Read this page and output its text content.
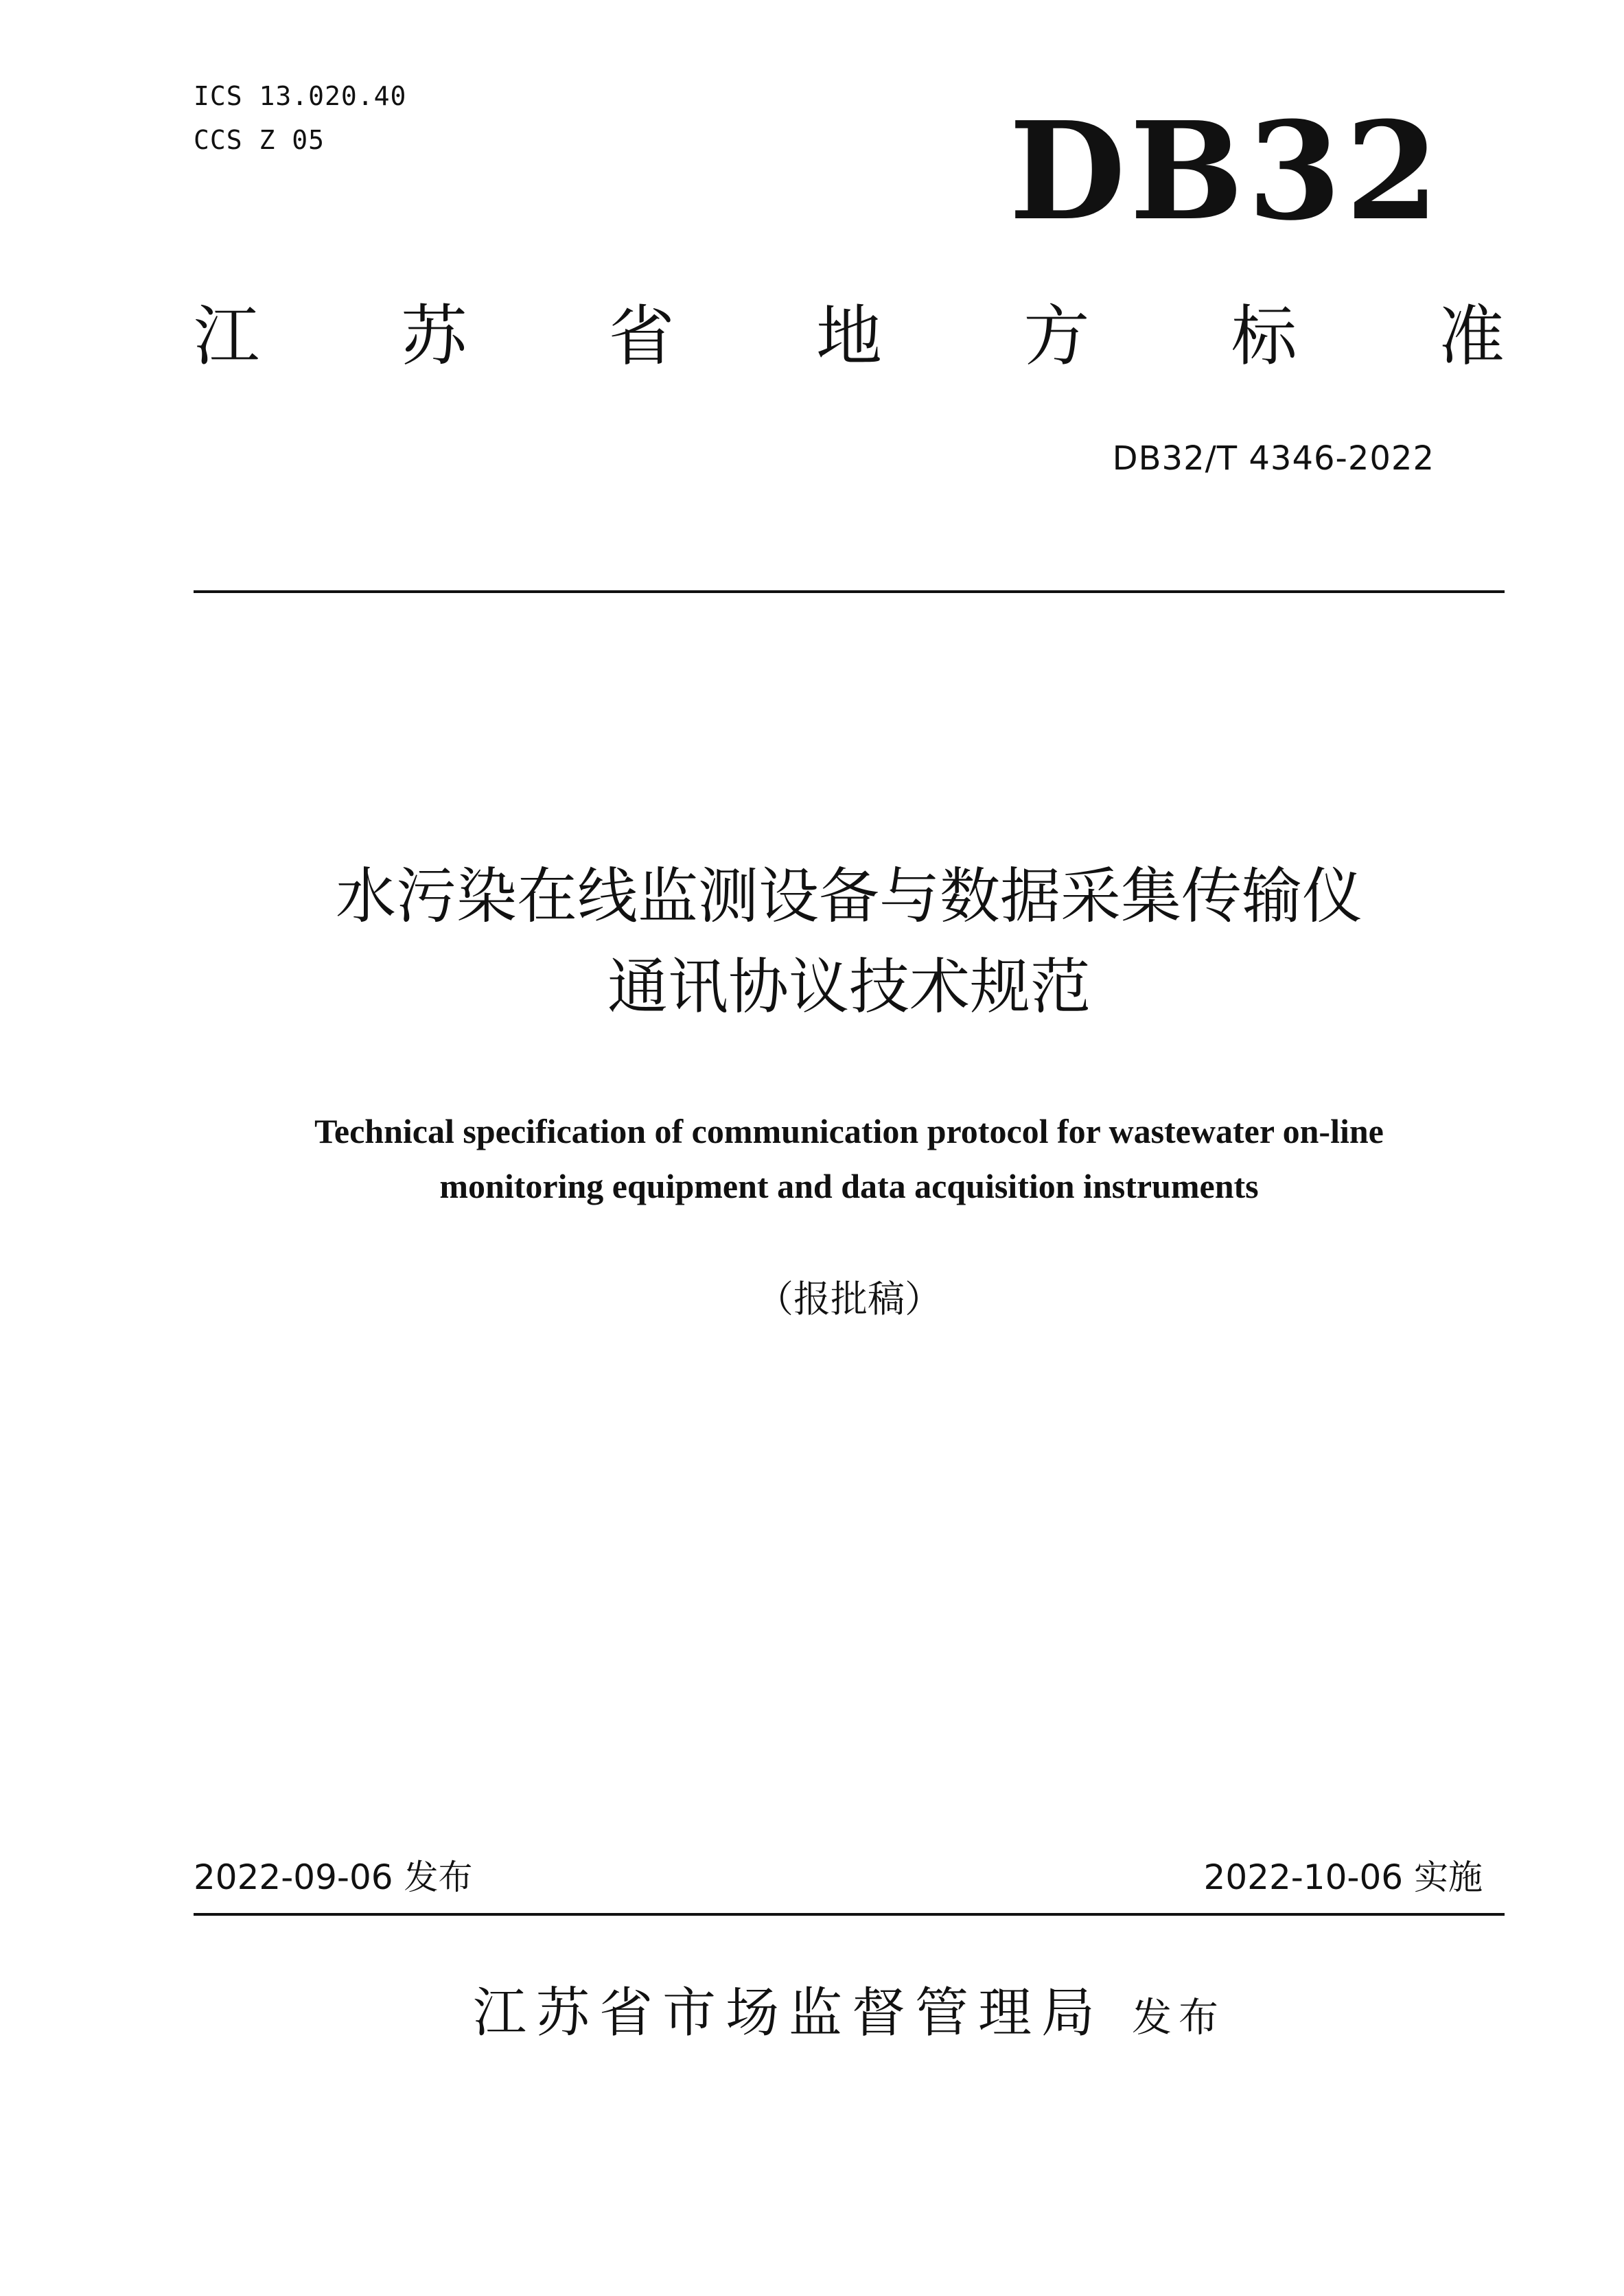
ICS 13.020.40
CCS Z 05	DB32
江 苏 省 地 方 标 准
DB32/T 4346-2022
水污染在线监测设备与数据采集传输仪
通讯协议技术规范
Technical specification of communication protocol for wastewater on-line
monitoring equipment and data acquisition instruments
（报批稿）
2022-09-06 发布	2022-10-06 实施
江苏省市场监督管理局 发布
